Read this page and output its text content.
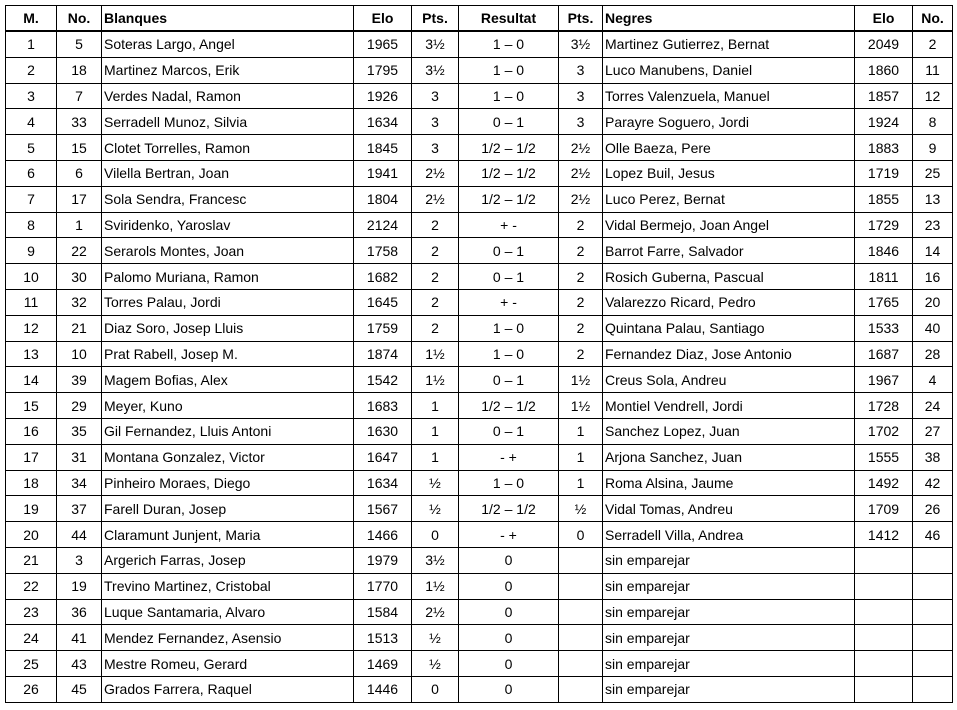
M.	No.	Blanques	Elo	Pts.	Resultat	Pts.	Negres	Elo	No.
1	5	Soteras Largo, Angel	1965	3½	1 – 0	3½	Martinez Gutierrez, Bernat	2049	2
2	18	Martinez Marcos, Erik	1795	3½	1 – 0	3	Luco Manubens, Daniel	1860	11
3	7	Verdes Nadal, Ramon	1926	3	1 – 0	3	Torres Valenzuela, Manuel	1857	12
4	33	Serradell Munoz, Silvia	1634	3	0 – 1	3	Parayre Soguero, Jordi	1924	8
5	15	Clotet Torrelles, Ramon	1845	3	1/2 – 1/2	2½	Olle Baeza, Pere	1883	9
6	6	Vilella Bertran, Joan	1941	2½	1/2 – 1/2	2½	Lopez Buil, Jesus	1719	25
7	17	Sola Sendra, Francesc	1804	2½	1/2 – 1/2	2½	Luco Perez, Bernat	1855	13
8	1	Sviridenko, Yaroslav	2124	2	+ -	2	Vidal Bermejo, Joan Angel	1729	23
9	22	Serarols Montes, Joan	1758	2	0 – 1	2	Barrot Farre, Salvador	1846	14
10	30	Palomo Muriana, Ramon	1682	2	0 – 1	2	Rosich Guberna, Pascual	1811	16
11	32	Torres Palau, Jordi	1645	2	+ -	2	Valarezzo Ricard, Pedro	1765	20
12	21	Diaz Soro, Josep Lluis	1759	2	1 – 0	2	Quintana Palau, Santiago	1533	40
13	10	Prat Rabell, Josep M.	1874	1½	1 – 0	2	Fernandez Diaz, Jose Antonio	1687	28
14	39	Magem Bofias, Alex	1542	1½	0 – 1	1½	Creus Sola, Andreu	1967	4
15	29	Meyer, Kuno	1683	1	1/2 – 1/2	1½	Montiel Vendrell, Jordi	1728	24
16	35	Gil Fernandez, Lluis Antoni	1630	1	0 – 1	1	Sanchez Lopez, Juan	1702	27
17	31	Montana Gonzalez, Victor	1647	1	- +	1	Arjona Sanchez, Juan	1555	38
18	34	Pinheiro Moraes, Diego	1634	½	1 – 0	1	Roma Alsina, Jaume	1492	42
19	37	Farell Duran, Josep	1567	½	1/2 – 1/2	½	Vidal Tomas, Andreu	1709	26
20	44	Claramunt Junjent, Maria	1466	0	- +	0	Serradell Villa, Andrea	1412	46
21	3	Argerich Farras, Josep	1979	3½	0		sin emparejar		
22	19	Trevino Martinez, Cristobal	1770	1½	0		sin emparejar		
23	36	Luque Santamaria, Alvaro	1584	2½	0		sin emparejar		
24	41	Mendez Fernandez, Asensio	1513	½	0		sin emparejar		
25	43	Mestre Romeu, Gerard	1469	½	0		sin emparejar		
26	45	Grados Farrera, Raquel	1446	0	0		sin emparejar		
